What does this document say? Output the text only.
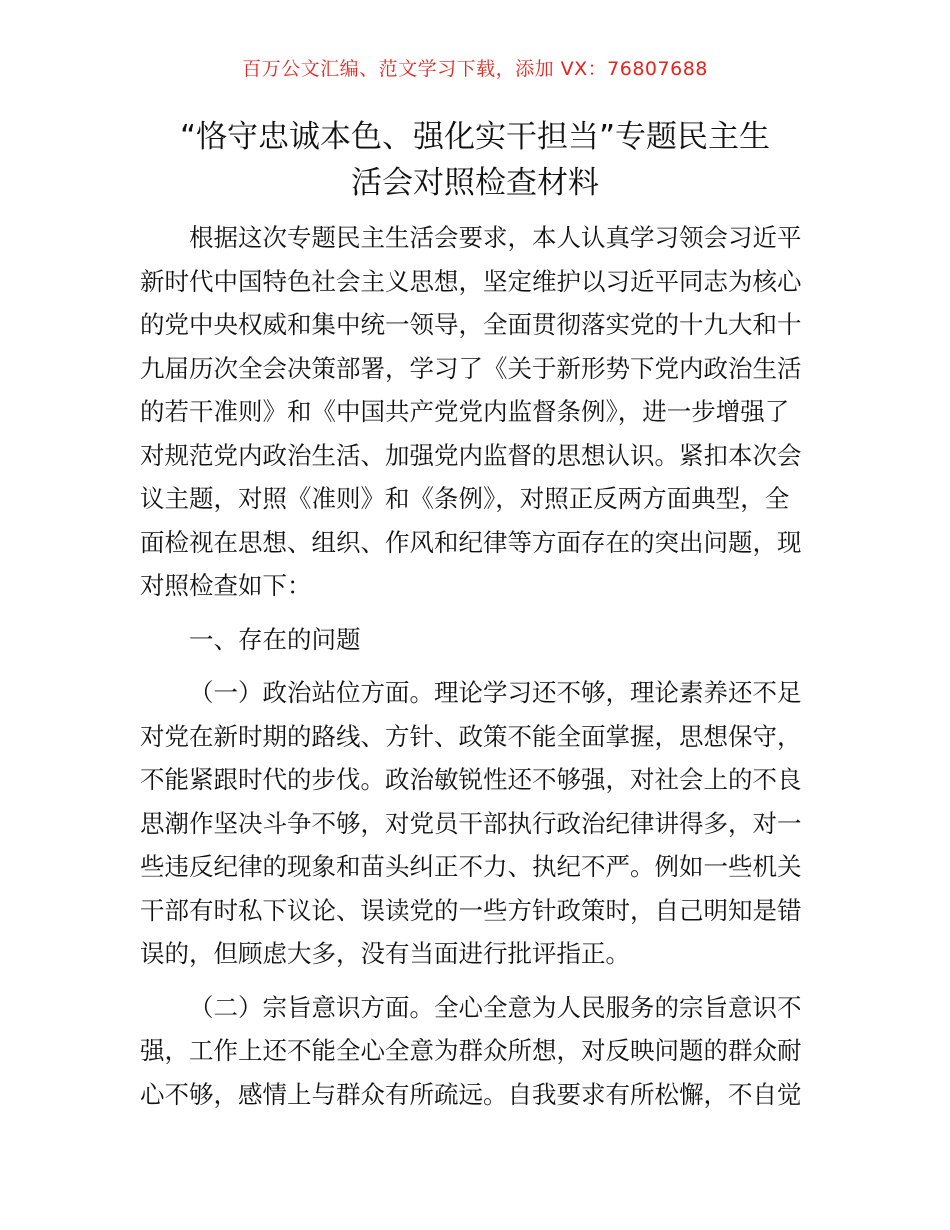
百万公文汇编、范文学习下载，添加 VX：76807688
“恪守忠诚本色、强化实干担当”专题民主生
活会对照检查材料

根据这次专题民主生活会要求，本人认真学习领会习近平新时代中国特色社会主义思想，坚定维护以习近平同志为核心的党中央权威和集中统一领导，全面贯彻落实党的十九大和十九届历次全会决策部署，学习了《关于新形势下党内政治生活的若干准则》和《中国共产党党内监督条例》，进一步增强了对规范党内政治生活、加强党内监督的思想认识。紧扣本次会议主题，对照《准则》和《条例》，对照正反两方面典型，全面检视在思想、组织、作风和纪律等方面存在的突出问题，现对照检查如下：

一、存在的问题

（一）政治站位方面。理论学习还不够，理论素养还不足对党在新时期的路线、方针、政策不能全面掌握，思想保守，不能紧跟时代的步伐。政治敏锐性还不够强，对社会上的不良思潮作坚决斗争不够，对党员干部执行政治纪律讲得多，对一些违反纪律的现象和苗头纠正不力、执纪不严。例如一些机关干部有时私下议论、误读党的一些方针政策时，自己明知是错误的，但顾虑大多，没有当面进行批评指正。

（二）宗旨意识方面。全心全意为人民服务的宗旨意识不强，工作上还不能全心全意为群众所想，对反映问题的群众耐心不够，感情上与群众有所疏远。自我要求有所松懈，不自觉
